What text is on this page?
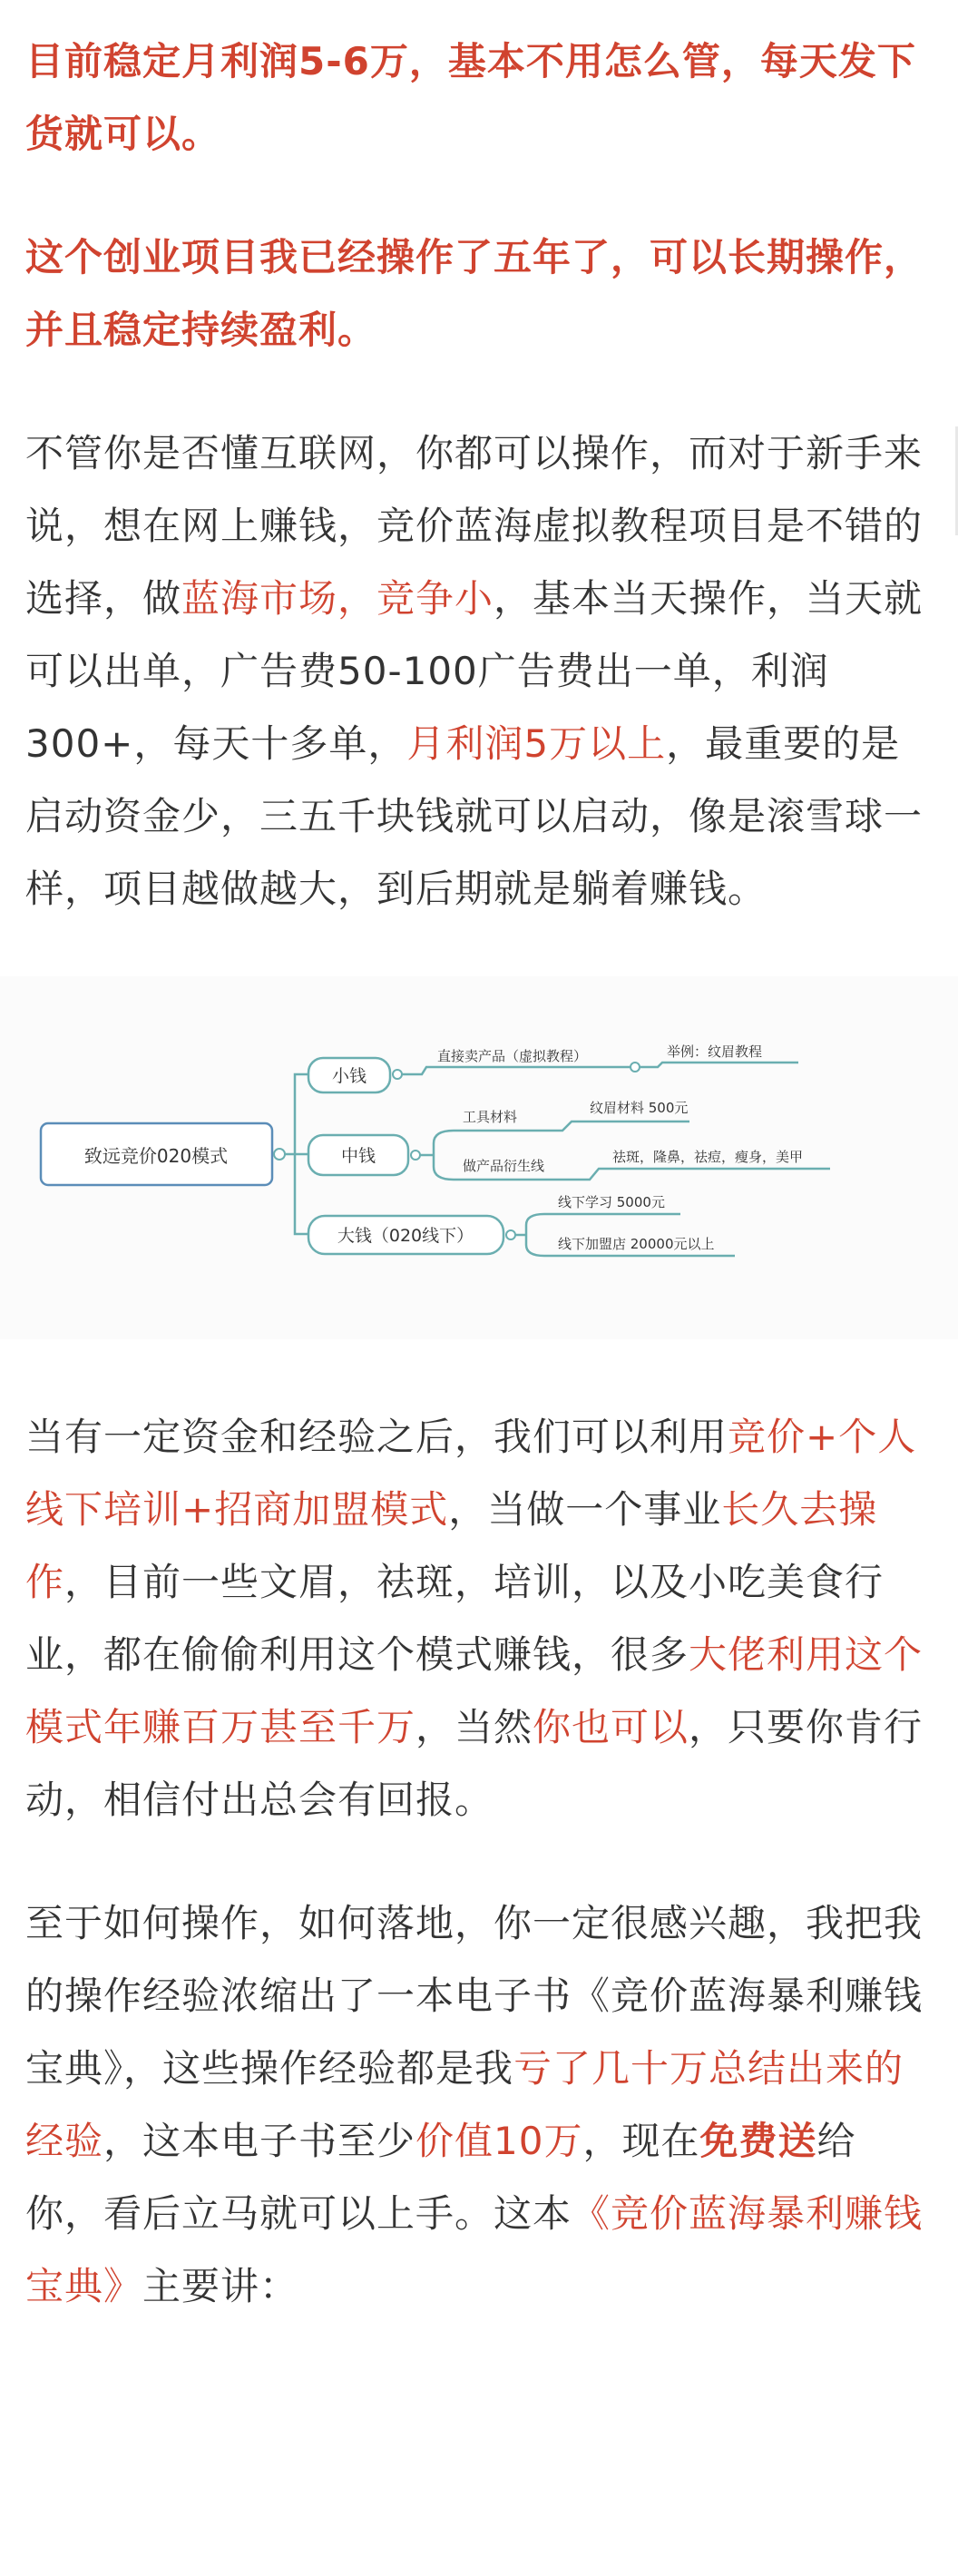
目前稳定月利润5-6万，基本不用怎么管，每天发下货就可以。

这个创业项目我已经操作了五年了，可以长期操作，并且稳定持续盈利。

不管你是否懂互联网，你都可以操作，而对于新手来说，想在网上赚钱，竞价蓝海虚拟教程项目是不错的选择，做蓝海市场，竞争小，基本当天操作，当天就可以出单，广告费50-100广告费出一单，利润300+，每天十多单，月利润5万以上，最重要的是启动资金少，三五千块钱就可以启动，像是滚雪球一样，项目越做越大，到后期就是躺着赚钱。

致远竞价020模式
小钱
直接卖产品（虚拟教程）	举例：纹眉教程
中钱
工具材料
纹眉材料 500元
做产品衍生线
祛斑，隆鼻，祛痘，瘦身，美甲
大钱（020线下）
线下学习 5000元
线下加盟店 20000元以上

当有一定资金和经验之后，我们可以利用竞价+个人线下培训+招商加盟模式，当做一个事业长久去操作，目前一些文眉，祛斑，培训，以及小吃美食行业，都在偷偷利用这个模式赚钱，很多大佬利用这个模式年赚百万甚至千万，当然你也可以，只要你肯行动，相信付出总会有回报。

至于如何操作，如何落地，你一定很感兴趣，我把我的操作经验浓缩出了一本电子书《竞价蓝海暴利赚钱宝典》，这些操作经验都是我亏了几十万总结出来的经验，这本电子书至少价值10万，现在免费送给你，看后立马就可以上手。这本《竞价蓝海暴利赚钱宝典》主要讲：
